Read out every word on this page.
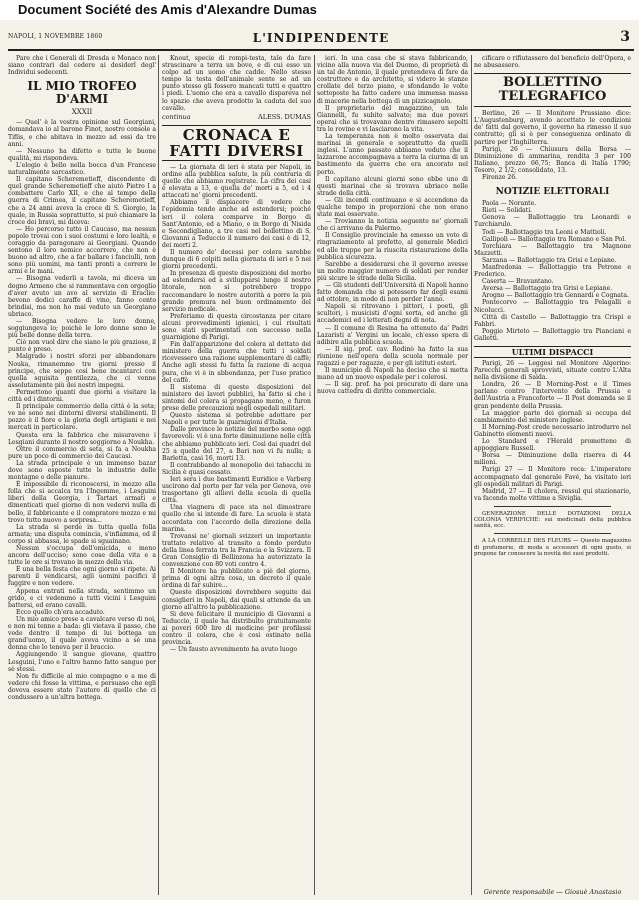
Document Société des Amis d'Alexandre Dumas
NAPOLI, 1 NOVEMBRE 1860	L'INDIPENDENTE	3

Pare che i Generali di Dresda e Monaco non siano contrari dal cedere ai desiderî degl' Individui sedecenti.

IL MIO TROFEO D'ARMI
XXXII

— Quel' è la vostra opinione sul Georgiani, domandava io al barone Finot, nostro console a Tiflis, e che abitava in mezzo ad essi da tre anni.

— Nessuno ha difetto e tutte le buone qualità, mi rispondeva.

L'elogio è bello nella bocca d'un Francese naturalmente sarcastico.

Il capitano Scheremetieff, discendente di quel grande Scheremetieff che aiutò Pietro I a combattere Carlo XII, e che al tempo della guerra di Crimea, il capitano Scheremetieff, che a 24 anni aveva la croce di S. Giorgio, la quale, in Russia soprattutto, si può chiamare la croce dei bravi, mi diceva:

— Ho percorso tutto il Caucaso, ma nessun popolo trovai con i suoi costumi e loro lealtà, e coraggio da paragonare ai Georgiani. Quando sentono il loro nemico accorrere, che non è buono ad altro, che a far ballare i fanciulli, non sono più uomini, ma tanti pronti a correre le armi e le mani.

— Bisogna vederli a tavola, mi diceva un degno Armeno che si rammentava con orgoglio d'aver avuto un avo al servizio di Eraclio: bevono dodici caraffe di vino, fanno cento brindisi, ma non ho mai veduto un Georgiano ubriaco.

— Bisogna vedere le loro donne, soggiungeva io; poichè le loro donne sono le più belle donne della terra.

Ciò non vuol dire che siano le più graziose, il punto è preso.

Malgrado i nostri sforzi per abbandonare Nouka, rimanemmo tre giorni presso il principe, che seppe così bene incantarci con quella squisita gentilezza, che ci venne assolutamente più dei nostri impegni.

Permettono quanti due giorni a visitare la città ed i dintorni.

Il principale commercio della città è la seta; ve ne sono nei dintorni diversi stabilimenti. Il pozzo è il fiore e la gloria degli artigiani e nei mercati in particolare.

Questa era la fabbrica che misuraveno i Lesgiani durante il nostro soggiorno a Noukha.

Oltre il commercio di seta, si fa a Noukha pure un poco di commercio dei Caucasi.

La strada principale è un immenso bazar dove sono esposte tutte le industrie delle montagne e delle pianure.

È impossibile di riconoscersi, in mezzo alla folla che si accalca tra l'Ingemme, i Lesguini liberi della Georgia, i Tartari armati e dimenticati quel giorno di non vedervi nulla di bello, il fabbricante e il compratore mozzo e mi trovo tutto nuovo a sorpresa...

La strada si perde in tutta quella folla armata; una disputa comincia, s'infiamma, ed il corpo si abbassa, le spade si sguainano.

Nessun s'occupa dell'omicida, e meno ancora dell'ucciso; sono cose della vita e a tutte le ore si trovano in mezzo della via.

È una bella festa che ogni giorno si ripete. Ai parenti il vendicarsi, agli uomini pacifici il fuggire e non vedere.

Appena entrati nella strada, sentimmo un grido, e ci vedemmo a tutti vicini i Lesguini battersi, ed erano cavalli.

Ecco quello ch'era accaduto.

Un mio amico prese a cavalcare verso di noi, e non mi tenne a bada: gli vietava il passo, che vede dentro il tempo di lui bottega un grand'uomo, il quale aveva vicino a sè una donna che lo teneva per il braccio.

Aggiungendo il sangue giovane, quattro Lesguini, l'uno e l'altro hanno fatto sangue per sè stessi.

Non fu difficile al mio compagno e a me di vedere chi fosse la vittima, e persuaso che egli doveva essere stato l'autore di quello che ci condussero a un'altra bottega.

Knout, specie di rompi-testa, tale da fare strascinare a terra un bove, e di cui esso un colpo ad un uomo che cadde. Nello stesso tempo la testa dell'animale sente se ad un punto stesso gli fossero mancati tutti e quattro i piedi. L'uomo che era a cavallo dispareva nel lo spazio che aveva prodotto la caduta del suo cavallo.

continua	ALESS. DUMAS
CRONACA E FATTI DIVERSI

— La giornata di ieri è stata per Napoli, in ordine alla pubblica salute, la più contraria di quelle che abbiamo registrate. La cifra dei casi è elevata a 13, e quella de' morti a 5, ed i 4 attaccati ne' giorni precedenti.

Abbiamo il dispiacere di vedere che l'epidemia tende anche ad estendersi; poiché ieri il colera comparve in Borgo di Sant'Antonio, ed a Miano, e in Borgo di Nisida e Secondigliano, a tre casi nel bollettino di S. Giovanni a Teduccio il numero dei casi è di 12, dei morti 2.

Il numero de' decessi per colera sarebbe dunque di 6 colpiti nella giornata di ieri e 5 nei giorni precedenti.

In presenza di queste disposizioni del morbo ad estendersi ed a svilupparsi lungo il nostro litorale, non si potrebbero troppo raccomandare le nostre autorità a porre la più grande premura nel buon ordinamento del servizio medicale.

Preferiamo di questa circostanza per citare alcuni provvedimenti igienici, i cui risultati sono stati sperimentati con successo nella guarnigione di Parigi.

Fin dall'apparizione del colera al dettato del ministero della guerra che tutti i soldati ricevessero una razione supplementare di caffè; Anche agli stessi fu fatta la razione di acqua pura, che vi è in abbondanza, per l'uso pratico del caffè.

Il sistema di queste disposizioni del ministero dei lavori pubblici, ha fatto sì che i sintomi del colera si propagano meno, e furon prese delle precauzioni negli ospedali militari.

Questo sistema si potrebbe adottare per Napoli e per tutte le guarnigioni d'Italia.

Dalle province le notizie del morbo sono oggi favorevoli: vi è una forte diminuzione nelle città che abbiamo pubblicato ieri. Così dai quadri del 25 a quello del 27, a Bari non vi fu nulla; a Barletta, casi 16, morti 13.

Il contrabbando al monopolio dei tabacchi in Sicilia è quasi cessato.

Ieri sera i due bastimenti Euridice e Varberg uscirono dal porto per far vela per Genova, ove trasportano gli allievi della scuola di quella città.

Una viagnera di pace sta nel dimostrare quello che si intende di fare. La scuola è stata accordata con l'accordo della direzione della marina.

Trovansi ne' giornali svizzeri un importante trattato relativo al transito a fondo perduto della linea ferrata tra la Francia e la Svizzera. Il Gran Consiglio di Bellinzona ha autorizzato la convenzione con 80 voti contro 4.

Il Monitore ha pubblicato a piè del giorno, prima di ogni altra cosa, un decreto il quale ordina di far subire...

Queste disposizioni dovrebbero seguite dai consiglieri in Napoli, dai quali si attende da un giorno all'altro la pubblicazione.

Si deve felicitare il municipio di Giovanni a Teduccio, il quale ha distribuito gratuitamente ai poveri 600 lire di medicine per profilassi contro il colera, che è così ostinato nella provincia.

— Un fausto avvenimento ha avuto luogo

ieri. In una casa che si stava fabbricando, vicino alla nuova via del Duomo, di proprietà di un tal de Antonio, il quale pretendeva di fare da costruttore e da architetto, si videro le stanze crollate del terzo piano, e sfondando le volte sottoposte ha fatto cadere una immensa massa di macerie nella bottega di un pizzicagnolo.

Il proprietario del magazzino, un tale Giannelli, fu subito salvato; ma due poveri operai che si trovavano dentro rimasero sepolti tra le rovine e vi lasciarono la vita.

La temperanza non è molto osservata dai marinai in generale e soprattutto da quelli inglesi. L'anno passato abbiamo veduto che il lazzarone accompagnava a terra la ciurma di un bastimento da guerra che era ancorato nel porto.

Il capitano alcuni giorni sono ebbe uno di questi marinai che si trovava ubriaco nelle strade della città.

— Gli incendi continuano e si accendono da qualche tempo in proporzioni che non erano state mai osservate.

— Trovianno la notizia seguente ne' giornali che ci arrivano da Palermo.

Il Consiglio provinciale ha emesso un voto di ringraziamento al prefetto, al generale Medici ed alle truppe per la riuscita ristaurazione della pubblica sicurezza.

Sarebbe a desiderarsi che il governo avesse un molto maggior numero di soldati per render più sicure le strade della Sicilia.

— Gli studenti dell'Università di Napoli hanno fatto domanda che si potessero far degli esami ad ottobre, in modo di non perder l'anno.

Napoli si ritrovano i pittori, i poeti, gli scultori, i musicisti d'ogni sorta, ed anche gli accademici ed i letterati degni di nota.

— Il comune di Resina ha ottenuto da' Padri Lazaristi a' Vergini un locale, ch'esso spera di adibire alla pubblica scuola.

— Il sig. prof. cav. Rodinò ha fatto la sua riunione nell'opera della scuola normale per ragazzi e per ragazze, e per gli istituti esteri.

Il municipio di Napoli ha deciso che si metta mano ad un nuovo ospedale per i colerosi.

— Il sig. prof. ha poi procurato di dare una nuova cattedra di diritto commerciale.

cificare o rifiutassero del beneficio dell'Opera, e ne abusassero.

BOLLETTINO TELEGRAFICO

Berlino, 26 — Il Monitore Prussiano dice: L'Augustenburg, avendo accettato le condizioni de' fatti dal governo, il governo ha rimesso il suo contratto; gli si è per conseguenza ordinato di partire per l'Inghilterra.

Parigi, 26 — Chiusura della Borsa — Diminuzione di ammarina, rendita 3 per 100 Italiano, prezzo 66,75; Banca di Italia 1790; Tesoro, 2 1/2; consolidato, 13.

Firenze 26.

NOTIZIE ELETTORALI

Paola — Norante.

Rieti — Solidati.

Genova — Ballottaggio tra Leonardi e Turchiarulo.

Todi — Ballottaggio tra Leoni e Mattioli.

Gallipoli — Ballottaggio tra Romano e San Pol.

Torchiara — Ballottaggio tra Magnone Mazzetti.

Sarzana — Ballottaggio tra Grisi e Lepiane.

Manfredonia — Ballottaggio tra Petrone e Frederico.

Caserta — Bravantano.

Aversa — Ballottaggio tra Grisi e Lepiane.

Arogno — Ballottaggio tra Gennardi e Cognata.

Pontecorvo — Ballottaggio tra Pelagalli e Nicolucci.

Città di Castello — Ballottaggio tra Crispi e Fabbri.

Poggio Mirteto — Ballottaggio tra Pianciani e Galletti.

ULTIMI DISPACCI

Parigi, 26 — Leggesi nel Monitore Algerino: Parecchi generali sprovvisti, situate contro L'Alta nella divisione di Saida.

Londra, 26 — Il Morning-Post e il Times parlano contro l'intervento della Prussia e dell'Austria a Francoforte — Il Post domanda se il gran pendente della Prussia.

La maggior parte dei giornali si occupa del cambiamento del ministero inglese.

Il Morning-Post crede necessario introdurre nel Gabinetto elementi nuovi.

Lo Standard e l'Herald prometteno di appoggiare Russell.

Borsa — Diminuzione della riserva di 44 milioni.

Parigi 27 — Il Monitore reca: L'imperatore accompagnato dal generale Favé, ha visitato ieri gli ospedali militari di Parigi.

Madrid, 27 — Il cholera, ressul qui stazionario, va facendo molte vittime a Siviglia.

GENERAZIONE DELLE DOTAZIONI DELLA COLONIA VERIFICHE: sui medicinali della pubblica sanità, ecc.

A LA CORBEILLE DES FLEURS — Questo magazzino di profumerie, di moda e accessori di ogni gusto, si propone far conoscere la novità dei suoi prodotti.

Gerente responsabile — Giosuè Anastasio
